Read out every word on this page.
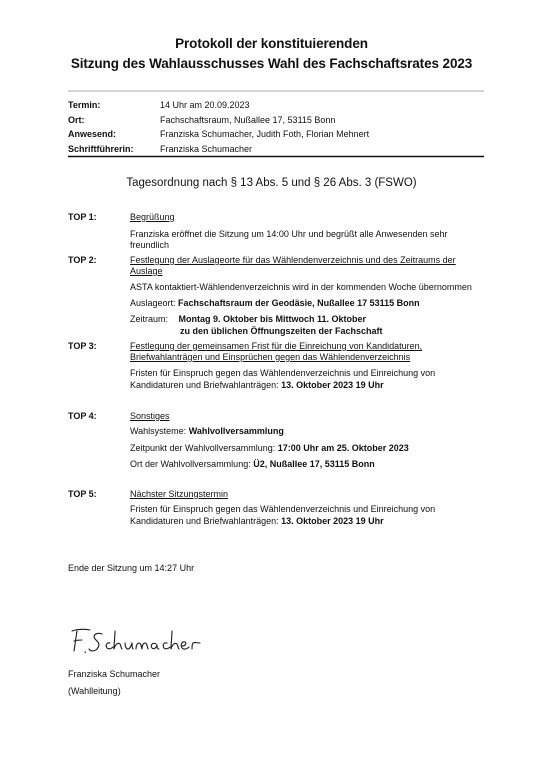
Protokoll der konstituierenden
Sitzung des Wahlausschusses Wahl des Fachschaftsrates 2023
Termin:	14 Uhr am 20.09.2023
Ort:	Fachschaftsraum, Nußallee 17, 53115 Bonn
Anwesend:	Franziska Schumacher, Judith Foth, Florian Mehnert
Schriftführerin:	Franziska Schumacher
Tagesordnung nach § 13 Abs. 5 und § 26 Abs. 3 (FSWO)
TOP 1:	Begrüßung
Franziska eröffnet die Sitzung um 14:00 Uhr und begrüßt alle Anwesenden sehr
freundlich
TOP 2:	Festlegung der Auslageorte für das Wählendenverzeichnis und des Zeitraums der
Auslage
ASTA kontaktiert-Wählendenverzeichnis wird in der kommenden Woche übernommen
Auslageort: Fachschaftsraum der Geodäsie, Nußallee 17 53115 Bonn
Zeitraum: Montag 9. Oktober bis Mittwoch 11. Oktober
zu den üblichen Öffnungszeiten der Fachschaft
TOP 3:	Festlegung der gemeinsamen Frist für die Einreichung von Kandidaturen,
Briefwahlanträgen und Einsprüchen gegen das Wählendenverzeichnis
Fristen für Einspruch gegen das Wählendenverzeichnis und Einreichung von
Kandidaturen und Briefwahlanträgen: 13. Oktober 2023 19 Uhr
TOP 4:	Sonstiges
Wahlsysteme: Wahlvollversammlung
Zeitpunkt der Wahlvollversammlung: 17:00 Uhr am 25. Oktober 2023
Ort der Wahlvollversammlung: Ü2, Nußallee 17, 53115 Bonn
TOP 5:	Nächster Sitzungstermin
Fristen für Einspruch gegen das Wählendenverzeichnis und Einreichung von
Kandidaturen und Briefwahlanträgen: 13. Oktober 2023 19 Uhr
Ende der Sitzung um 14:27 Uhr
Franziska Schumacher
(Wahlleitung)
